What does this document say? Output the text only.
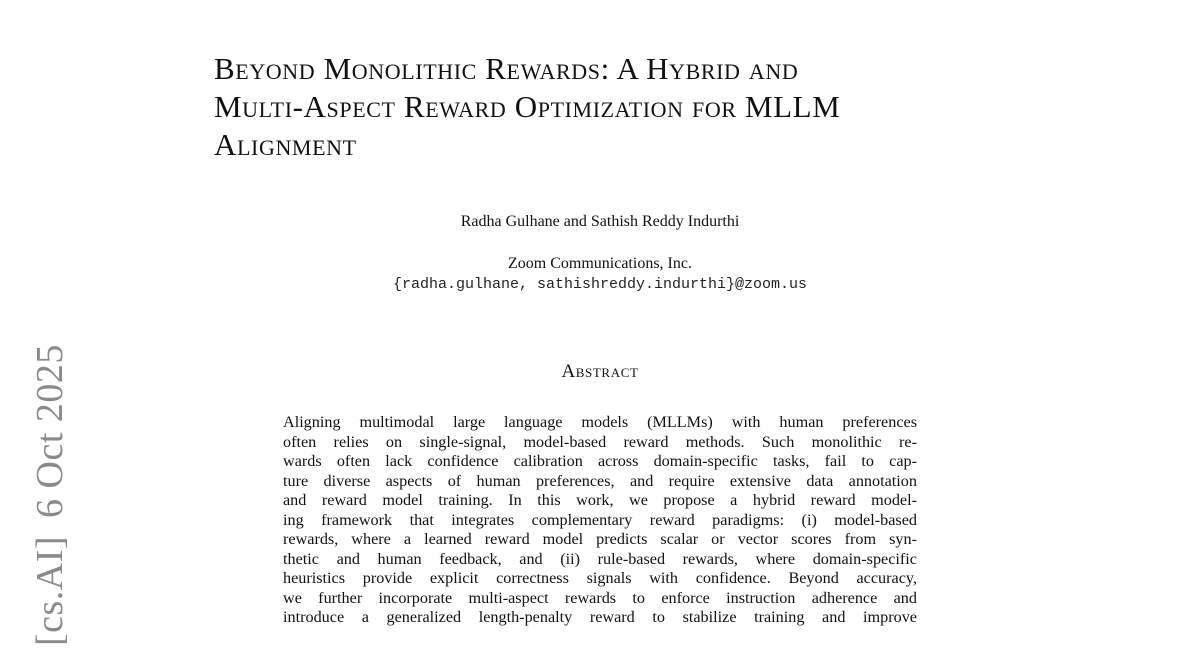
Beyond Monolithic Rewards: A Hybrid and
Multi-Aspect Reward Optimization for MLLM
Alignment
Radha Gulhane and Sathish Reddy Indurthi
Zoom Communications, Inc.
{radha.gulhane, sathishreddy.indurthi}@zoom.us
Abstract
Aligning multimodal large language models (MLLMs) with human preferences
often relies on single-signal, model-based reward methods. Such monolithic re-
wards often lack confidence calibration across domain-specific tasks, fail to cap-
ture diverse aspects of human preferences, and require extensive data annotation
and reward model training. In this work, we propose a hybrid reward model-
ing framework that integrates complementary reward paradigms: (i) model-based
rewards, where a learned reward model predicts scalar or vector scores from syn-
thetic and human feedback, and (ii) rule-based rewards, where domain-specific
heuristics provide explicit correctness signals with confidence. Beyond accuracy,
we further incorporate multi-aspect rewards to enforce instruction adherence and
introduce a generalized length-penalty reward to stabilize training and improve
[cs.AI]6 Oct 2025
